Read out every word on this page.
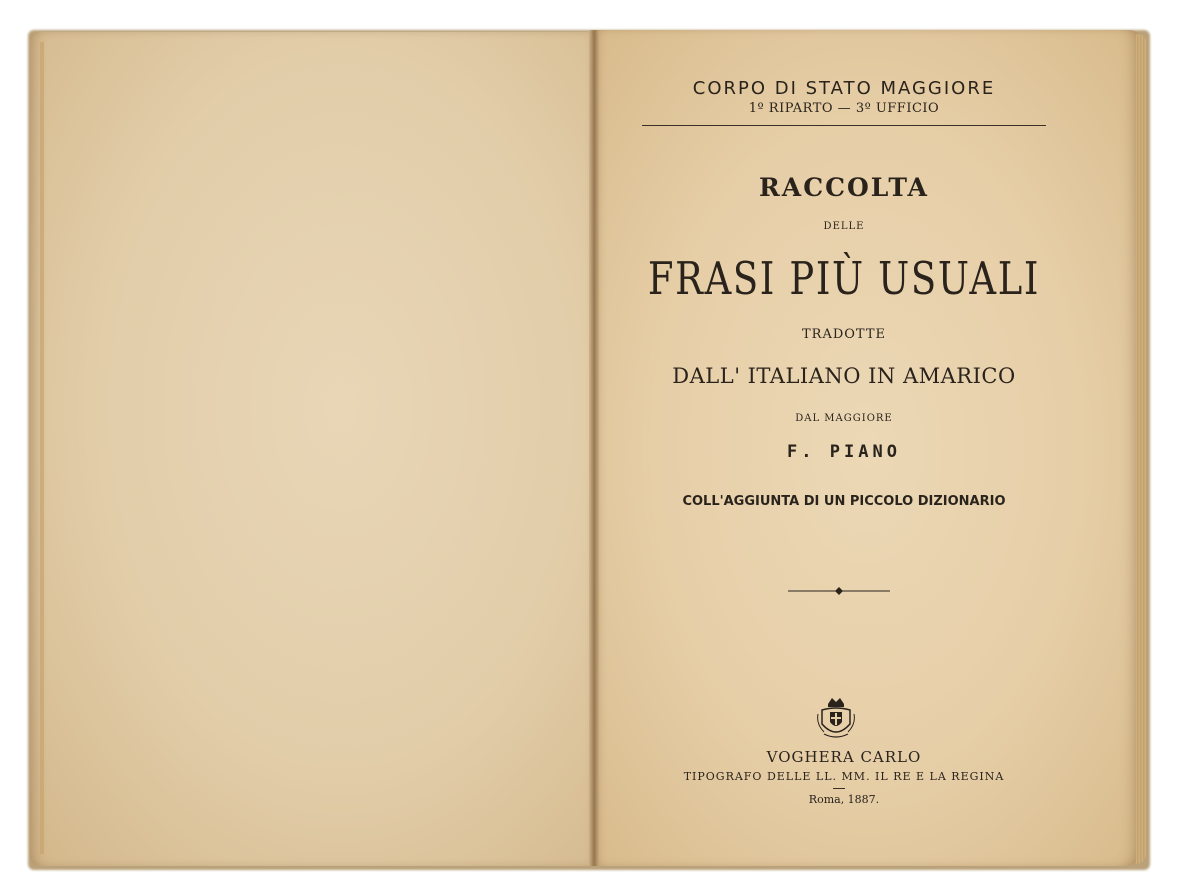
CORPO DI STATO MAGGIORE
1º RIPARTO — 3º UFFICIO
RACCOLTA
DELLE
FRASI PIÙ USUALI
TRADOTTE
DALL' ITALIANO IN AMARICO
DAL MAGGIORE
F. PIANO
COLL'AGGIUNTA DI UN PICCOLO DIZIONARIO
VOGHERA CARLO
TIPOGRAFO DELLE LL. MM. IL RE E LA REGINA
Roma, 1887.
